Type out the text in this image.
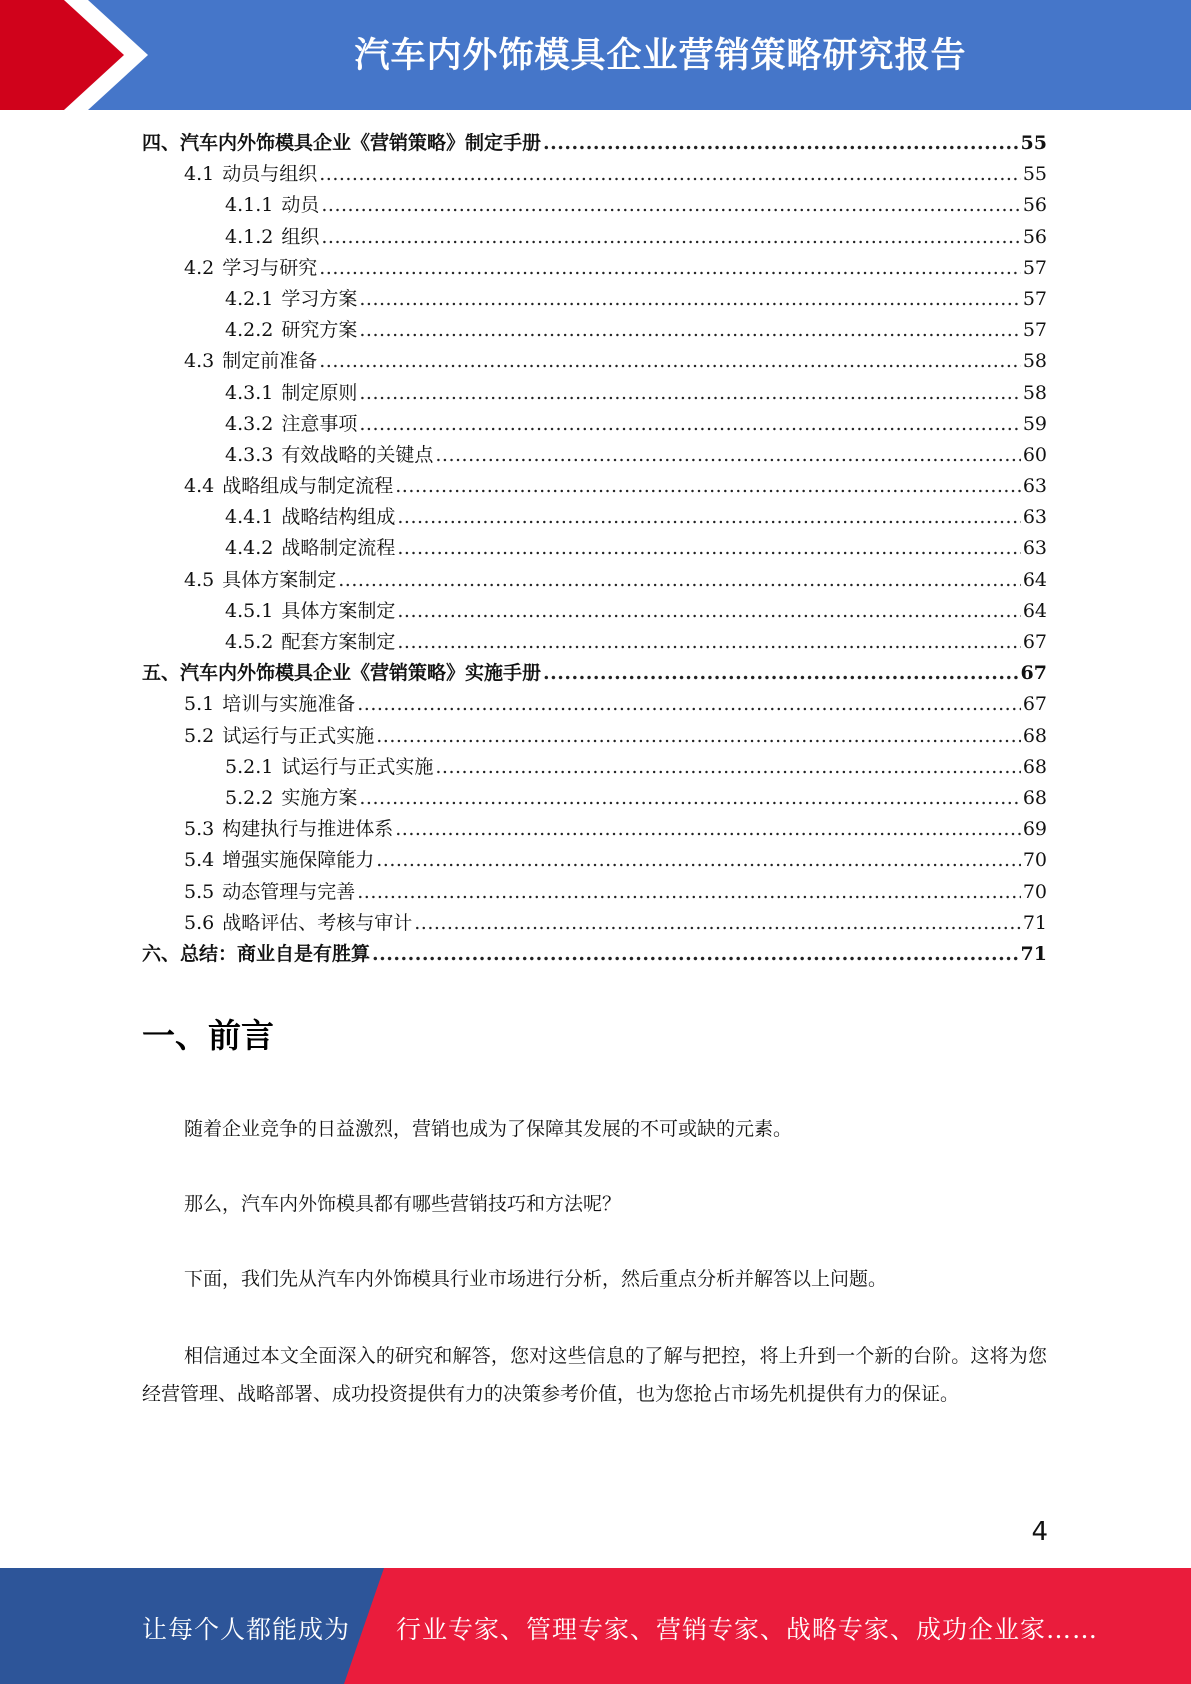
汽车内外饰模具企业营销策略研究报告
四、汽车内外饰模具企业《营销策略》制定手册 .....	55
4.1 动员与组织 .....	55
4.1.1 动员 .....	56
4.1.2 组织 .....	56
4.2 学习与研究 .....	57
4.2.1 学习方案 .....	57
4.2.2 研究方案 .....	57
4.3 制定前准备 .....	58
4.3.1 制定原则 .....	58
4.3.2 注意事项 .....	59
4.3.3 有效战略的关键点 .....	60
4.4 战略组成与制定流程 .....	63
4.4.1 战略结构组成 .....	63
4.4.2 战略制定流程 .....	63
4.5 具体方案制定 .....	64
4.5.1 具体方案制定 .....	64
4.5.2 配套方案制定 .....	67
五、汽车内外饰模具企业《营销策略》实施手册 .....	67
5.1 培训与实施准备 .....	67
5.2 试运行与正式实施 .....	68
5.2.1 试运行与正式实施 .....	68
5.2.2 实施方案 .....	68
5.3 构建执行与推进体系 .....	69
5.4 增强实施保障能力 .....	70
5.5 动态管理与完善 .....	70
5.6 战略评估、考核与审计 .....	71
六、总结：商业自是有胜算 .....	71
一、前言

随着企业竞争的日益激烈，营销也成为了保障其发展的不可或缺的元素。

那么，汽车内外饰模具都有哪些营销技巧和方法呢？

下面，我们先从汽车内外饰模具行业市场进行分析，然后重点分析并解答以上问题。

相信通过本文全面深入的研究和解答，您对这些信息的了解与把控，将上升到一个新的台阶。这将为您经营管理、战略部署、成功投资提供有力的决策参考价值，也为您抢占市场先机提供有力的保证。

4
让每个人都能成为 行业专家、管理专家、营销专家、战略专家、成功企业家……
